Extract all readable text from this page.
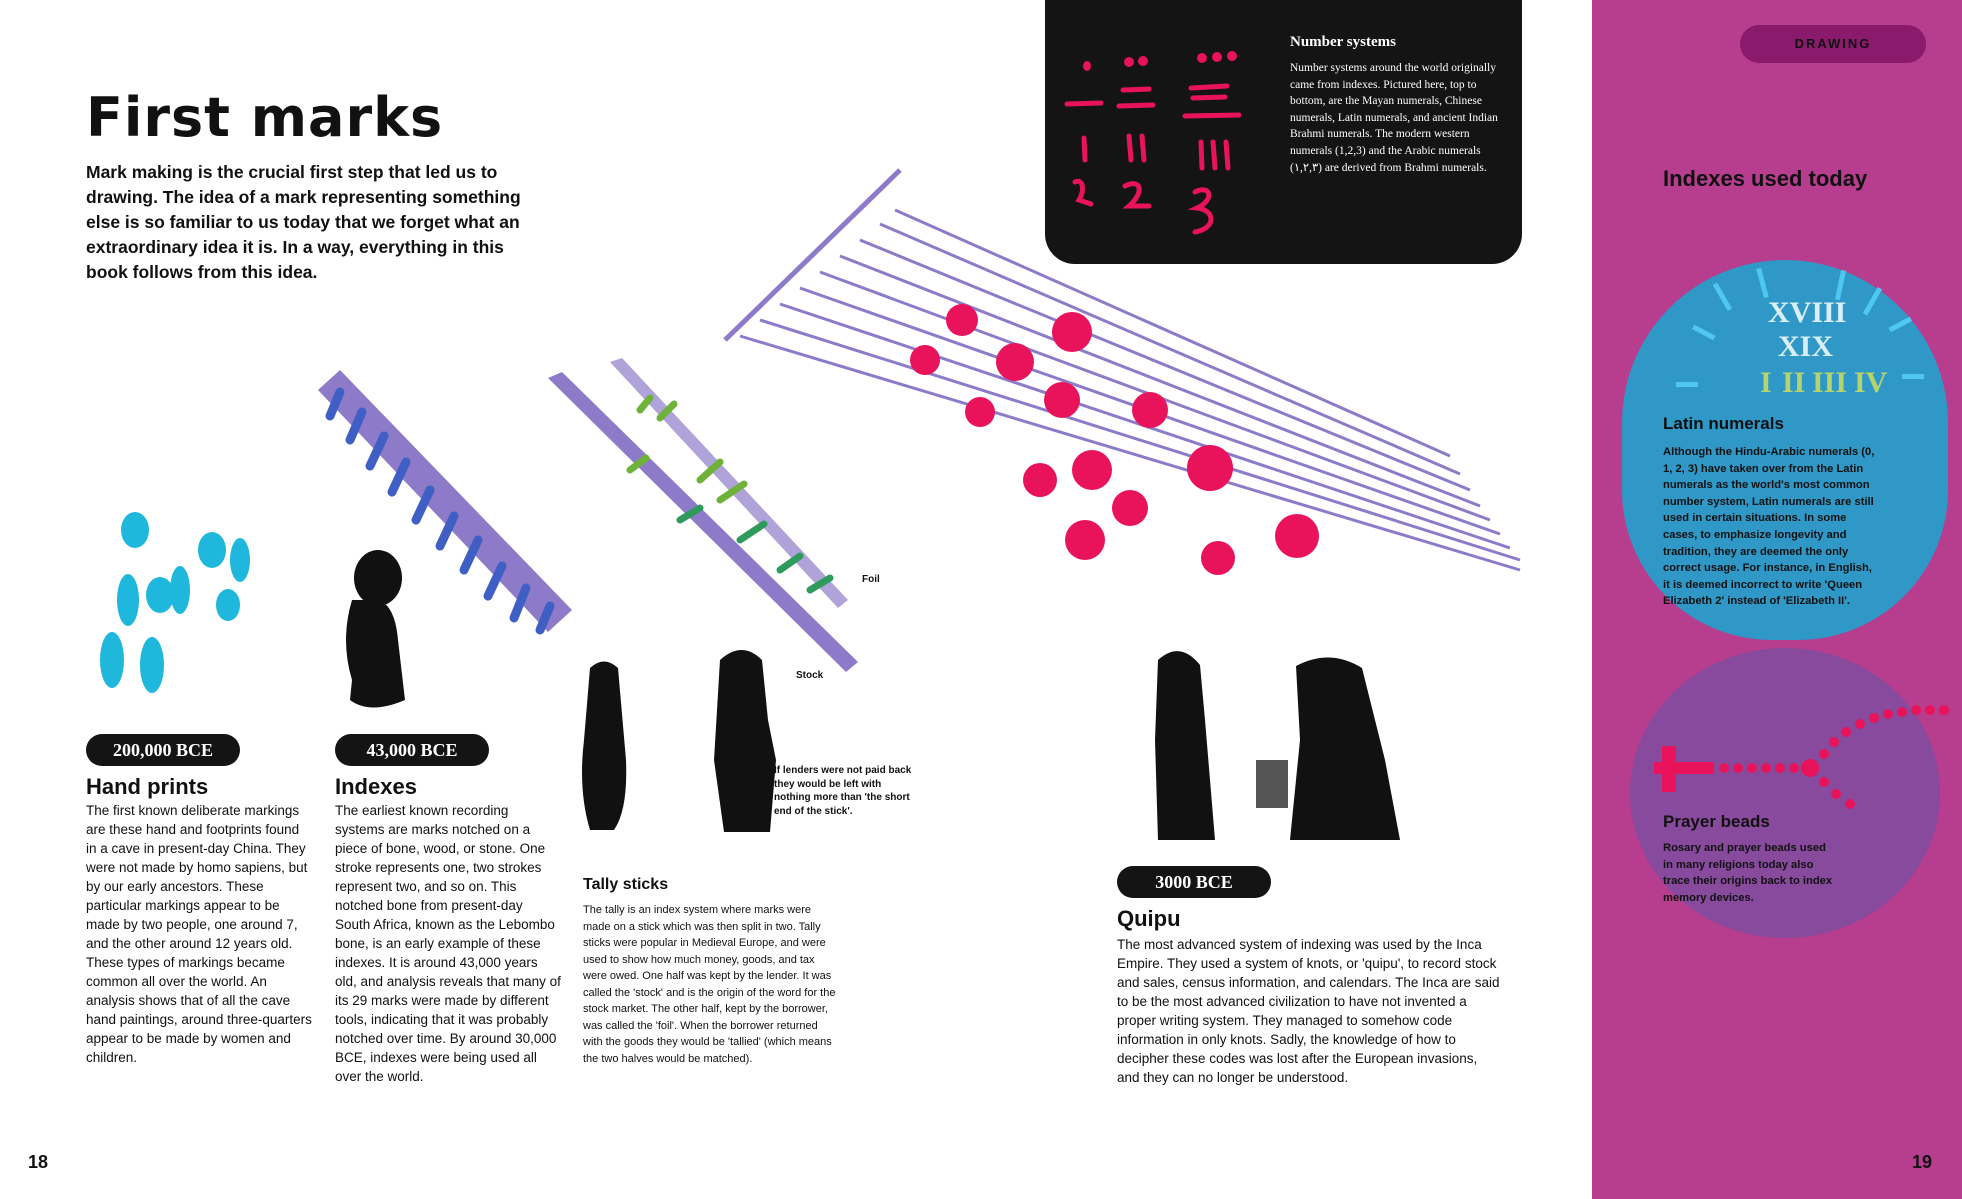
First marks

Mark making is the crucial first step that led us to drawing. The idea of a mark representing something else is so familiar to us today that we forget what an extraordinary idea it is. In a way, everything in this book follows from this idea.

Number systems

Number systems around the world originally came from indexes. Pictured here, top to bottom, are the Mayan numerals, Chinese numerals, Latin numerals, and ancient Indian Brahmi numerals. The modern western numerals (1,2,3) and the Arabic numerals (١,٢,٣) are derived from Brahmi numerals.

Foil
Stock

If lenders were not paid back they would be left with nothing more than 'the short end of the stick'.

200,000 BCE
Hand prints

The first known deliberate markings are these hand and footprints found in a cave in present-day China. They were not made by homo sapiens, but by our early ancestors. These particular markings appear to be made by two people, one around 7, and the other around 12 years old. These types of markings became common all over the world. An analysis shows that of all the cave hand paintings, around three-quarters appear to be made by women and children.

43,000 BCE
Indexes

The earliest known recording systems are marks notched on a piece of bone, wood, or stone. One stroke represents one, two strokes represent two, and so on. This notched bone from present-day South Africa, known as the Lebombo bone, is an early example of these indexes. It is around 43,000 years old, and analysis reveals that many of its 29 marks were made by different tools, indicating that it was probably notched over time. By around 30,000 BCE, indexes were being used all over the world.

Tally sticks

The tally is an index system where marks were made on a stick which was then split in two. Tally sticks were popular in Medieval Europe, and were used to show how much money, goods, and tax were owed. One half was kept by the lender. It was called the 'stock' and is the origin of the word for the stock market. The other half, kept by the borrower, was called the 'foil'. When the borrower returned with the goods they would be 'tallied' (which means the two halves would be matched).

3000 BCE
Quipu

The most advanced system of indexing was used by the Inca Empire. They used a system of knots, or 'quipu', to record stock and sales, census information, and calendars. The Inca are said to be the most advanced civilization to have not invented a proper writing system. They managed to somehow code information in only knots. Sadly, the knowledge of how to decipher these codes was lost after the European invasions, and they can no longer be understood.

18
DRAWING
Indexes used today
XVIII
XIX
I II III IV
Latin numerals

Although the Hindu-Arabic numerals (0, 1, 2, 3) have taken over from the Latin numerals as the world's most common number system, Latin numerals are still used in certain situations. In some cases, to emphasize longevity and tradition, they are deemed the only correct usage. For instance, in English, it is deemed incorrect to write 'Queen Elizabeth 2' instead of 'Elizabeth II'.

Prayer beads

Rosary and prayer beads used in many religions today also trace their origins back to index memory devices.

19
